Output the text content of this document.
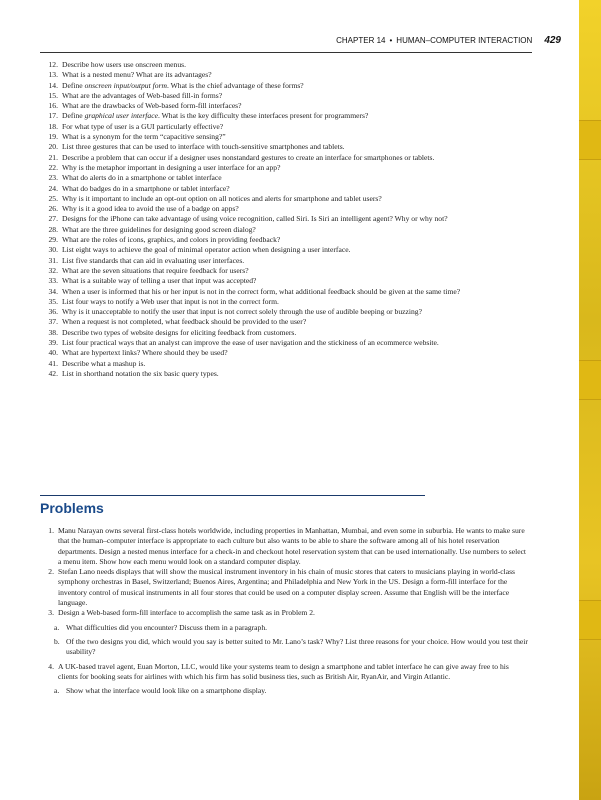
CHAPTER 14 • HUMAN–COMPUTER INTERACTION 429
12. Describe how users use onscreen menus.
13. What is a nested menu? What are its advantages?
14. Define onscreen input/output form. What is the chief advantage of these forms?
15. What are the advantages of Web-based fill-in forms?
16. What are the drawbacks of Web-based form-fill interfaces?
17. Define graphical user interface. What is the key difficulty these interfaces present for programmers?
18. For what type of user is a GUI particularly effective?
19. What is a synonym for the term “capacitive sensing?”
20. List three gestures that can be used to interface with touch-sensitive smartphones and tablets.
21. Describe a problem that can occur if a designer uses nonstandard gestures to create an interface for smartphones or tablets.
22. Why is the metaphor important in designing a user interface for an app?
23. What do alerts do in a smartphone or tablet interface
24. What do badges do in a smartphone or tablet interface?
25. Why is it important to include an opt-out option on all notices and alerts for smartphone and tablet users?
26. Why is it a good idea to avoid the use of a badge on apps?
27. Designs for the iPhone can take advantage of using voice recognition, called Siri. Is Siri an intelligent agent? Why or why not?
28. What are the three guidelines for designing good screen dialog?
29. What are the roles of icons, graphics, and colors in providing feedback?
30. List eight ways to achieve the goal of minimal operator action when designing a user interface.
31. List five standards that can aid in evaluating user interfaces.
32. What are the seven situations that require feedback for users?
33. What is a suitable way of telling a user that input was accepted?
34. When a user is informed that his or her input is not in the correct form, what additional feedback should be given at the same time?
35. List four ways to notify a Web user that input is not in the correct form.
36. Why is it unacceptable to notify the user that input is not correct solely through the use of audible beeping or buzzing?
37. When a request is not completed, what feedback should be provided to the user?
38. Describe two types of website designs for eliciting feedback from customers.
39. List four practical ways that an analyst can improve the ease of user navigation and the stickiness of an ecommerce website.
40. What are hypertext links? Where should they be used?
41. Describe what a mashup is.
42. List in shorthand notation the six basic query types.
Problems
1. Manu Narayan owns several first-class hotels worldwide, including properties in Manhattan, Mumbai, and even some in suburbia. He wants to make sure that the human–computer interface is appropriate to each culture but also wants to be able to share the software among all of his hotel reservation departments. Design a nested menus interface for a check-in and checkout hotel reservation system that can be used internationally. Use numbers to select a menu item. Show how each menu would look on a standard computer display.
2. Stefan Lano needs displays that will show the musical instrument inventory in his chain of music stores that caters to musicians playing in world-class symphony orchestras in Basel, Switzerland; Buenos Aires, Argentina; and Philadelphia and New York in the US. Design a form-fill interface for the inventory control of musical instruments in all four stores that could be used on a computer display screen. Assume that English will be the interface language.
3. Design a Web-based form-fill interface to accomplish the same task as in Problem 2.
a. What difficulties did you encounter? Discuss them in a paragraph.
b. Of the two designs you did, which would you say is better suited to Mr. Lano’s task? Why? List three reasons for your choice. How would you test their usability?
4. A UK-based travel agent, Euan Morton, LLC, would like your systems team to design a smartphone and tablet interface he can give away free to his clients for booking seats for airlines with which his firm has solid business ties, such as British Air, RyanAir, and Virgin Atlantic.
a. Show what the interface would look like on a smartphone display.
